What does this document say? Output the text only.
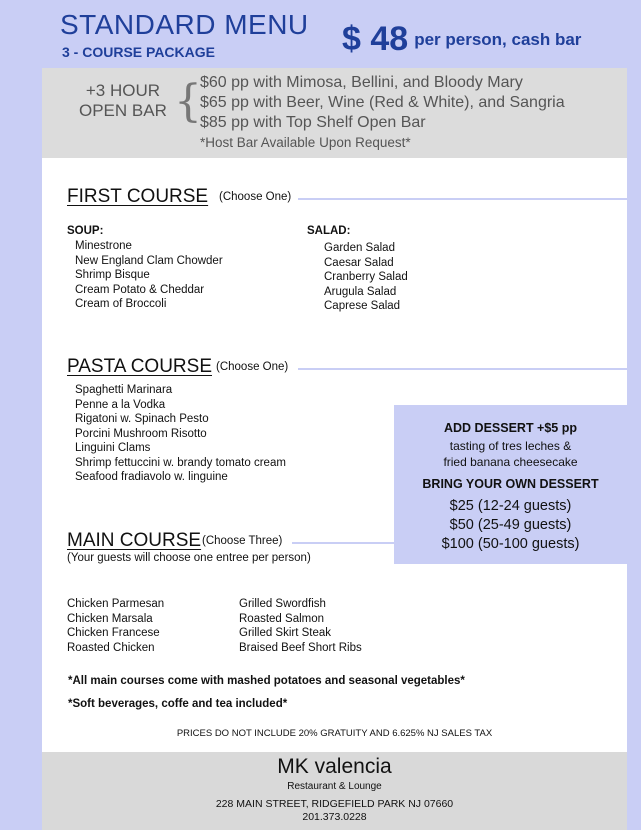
STANDARD MENU
3 - COURSE PACKAGE	$ 48 per person, cash bar
+3 HOUR
OPEN BAR {
$60 pp with Mimosa, Bellini, and Bloody Mary
$65 pp with Beer, Wine (Red & White), and Sangria
$85 pp with Top Shelf Open Bar
*Host Bar Available Upon Request*
FIRST COURSE (Choose One)
SOUP:
Minestrone
New England Clam Chowder
Shrimp Bisque
Cream Potato & Cheddar
Cream of Broccoli
SALAD:
Garden Salad
Caesar Salad
Cranberry Salad
Arugula Salad
Caprese Salad
PASTA COURSE (Choose One)
Spaghetti Marinara
Penne a la Vodka
Rigatoni w. Spinach Pesto
Porcini Mushroom Risotto
Linguini Clams
Shrimp fettuccini w. brandy tomato cream
Seafood fradiavolo w. linguine
ADD DESSERT +$5 pp
tasting of tres leches &
fried banana cheesecake
BRING YOUR OWN DESSERT
$25 (12-24 guests)
$50 (25-49 guests)
$100 (50-100 guests)
MAIN COURSE (Choose Three)
(Your guests will choose one entree per person)
Chicken Parmesan
Chicken Marsala
Chicken Francese
Roasted Chicken
Grilled Swordfish
Roasted Salmon
Grilled Skirt Steak
Braised Beef Short Ribs
*All main courses come with mashed potatoes and seasonal vegetables*
*Soft beverages, coffe and tea included*
PRICES DO NOT INCLUDE 20% GRATUITY AND 6.625% NJ SALES TAX
MK valencia
Restaurant & Lounge
228 MAIN STREET, RIDGEFIELD PARK NJ 07660
201.373.0228
